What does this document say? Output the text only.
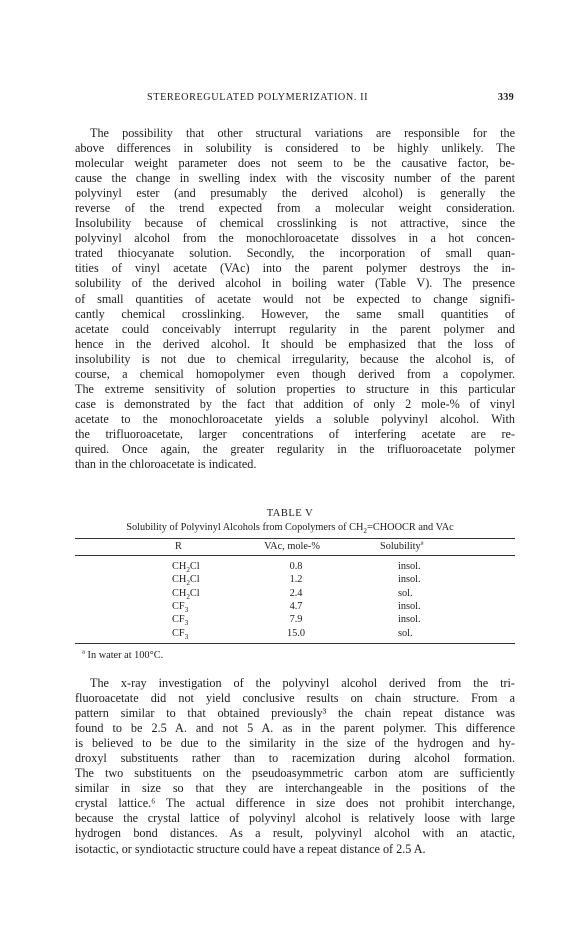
STEREOREGULATED POLYMERIZATION. II	339
The possibility that other structural variations are responsible for the
above differences in solubility is considered to be highly unlikely. The
molecular weight parameter does not seem to be the causative factor, be-
cause the change in swelling index with the viscosity number of the parent
polyvinyl ester (and presumably the derived alcohol) is generally the
reverse of the trend expected from a molecular weight consideration.
Insolubility because of chemical crosslinking is not attractive, since the
polyvinyl alcohol from the monochloroacetate dissolves in a hot concen-
trated thiocyanate solution. Secondly, the incorporation of small quan-
tities of vinyl acetate (VAc) into the parent polymer destroys the in-
solubility of the derived alcohol in boiling water (Table V). The presence
of small quantities of acetate would not be expected to change signifi-
cantly chemical crosslinking. However, the same small quantities of
acetate could conceivably interrupt regularity in the parent polymer and
hence in the derived alcohol. It should be emphasized that the loss of
insolubility is not due to chemical irregularity, because the alcohol is, of
course, a chemical homopolymer even though derived from a copolymer.
The extreme sensitivity of solution properties to structure in this particular
case is demonstrated by the fact that addition of only 2 mole-% of vinyl
acetate to the monochloroacetate yields a soluble polyvinyl alcohol. With
the trifluoroacetate, larger concentrations of interfering acetate are re-
quired. Once again, the greater regularity in the trifluoroacetate polymer
than in the chloroacetate is indicated.
TABLE V
Solubility of Polyvinyl Alcohols from Copolymers of $CH_2=CHOOCR$ and VAc
R	VAc, mole-%	Solubility$^a$
$CH_2Cl$	0.8	insol.
$CH_2Cl$	1.2	insol.
$CH_2Cl$	2.4	sol.
$CF_3$	4.7	insol.
$CF_3$	7.9	insol.
$CF_3$	15.0	sol.
$^a$ In water at 100°C.
The x-ray investigation of the polyvinyl alcohol derived from the tri-
fluoroacetate did not yield conclusive results on chain structure. From a
pattern similar to that obtained previously³ the chain repeat distance was
found to be 2.5 A. and not 5 A. as in the parent polymer. This difference
is believed to be due to the similarity in the size of the hydrogen and hy-
droxyl substituents rather than to racemization during alcohol formation.
The two substituents on the pseudoasymmetric carbon atom are sufficiently
similar in size so that they are interchangeable in the positions of the
crystal lattice.⁶ The actual difference in size does not prohibit interchange,
because the crystal lattice of polyvinyl alcohol is relatively loose with large
hydrogen bond distances. As a result, polyvinyl alcohol with an atactic,
isotactic, or syndiotactic structure could have a repeat distance of 2.5 A.
